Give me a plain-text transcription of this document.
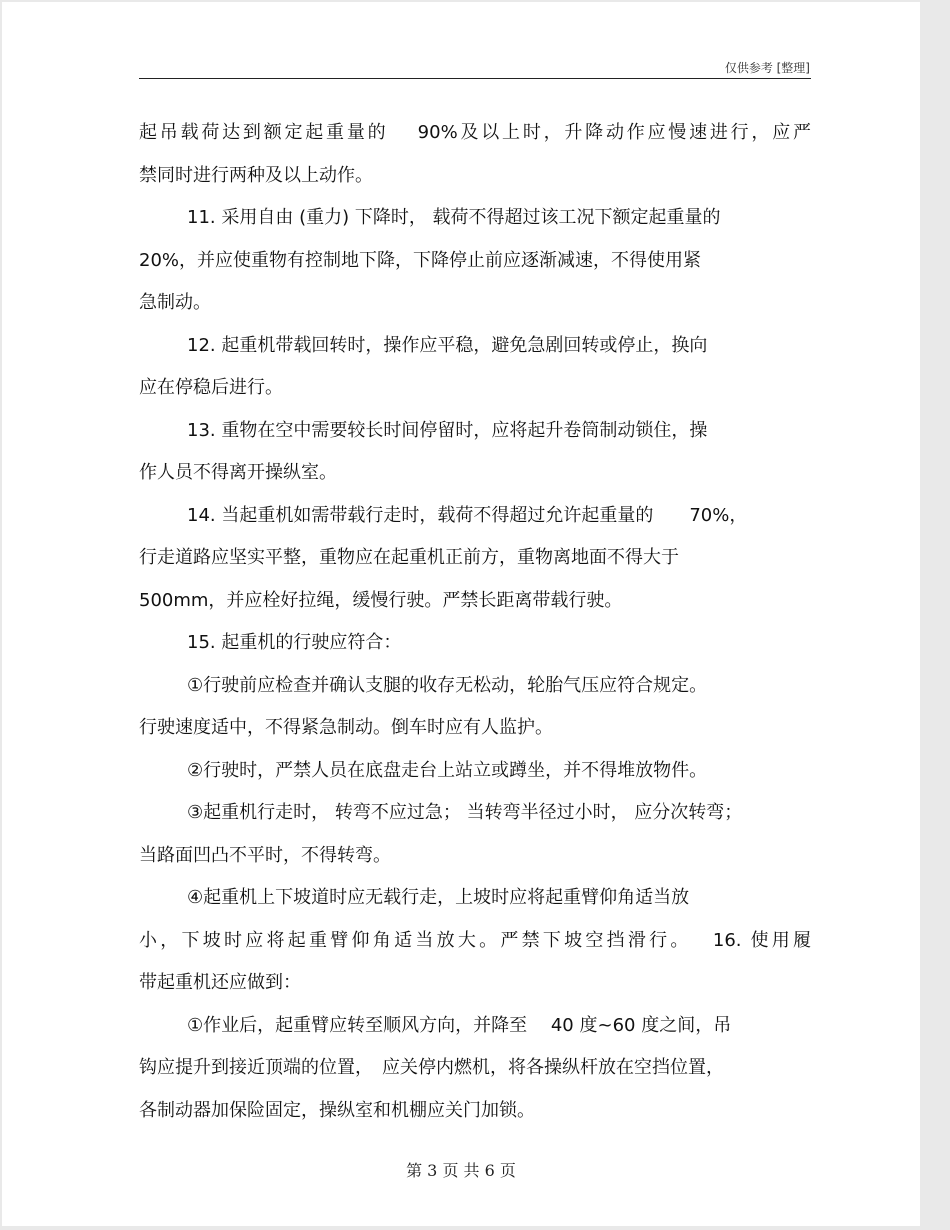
仅供参考 [整理]
起吊载荷达到额定起重量的　 90%及以上时，升降动作应慢速进行，应严
禁同时进行两种及以上动作。
11. 采用自由 (重力) 下降时， 载荷不得超过该工况下额定起重量的
20%，并应使重物有控制地下降，下降停止前应逐渐减速，不得使用紧
急制动。
12. 起重机带载回转时，操作应平稳，避免急剧回转或停止，换向
应在停稳后进行。
13. 重物在空中需要较长时间停留时，应将起升卷筒制动锁住，操
作人员不得离开操纵室。
14. 当起重机如需带载行走时，载荷不得超过允许起重量的　　70%，
行走道路应坚实平整，重物应在起重机正前方，重物离地面不得大于
500mm，并应栓好拉绳，缓慢行驶。严禁长距离带载行驶。
15. 起重机的行驶应符合：
①行驶前应检查并确认支腿的收存无松动，轮胎气压应符合规定。
行驶速度适中，不得紧急制动。倒车时应有人监护。
②行驶时，严禁人员在底盘走台上站立或蹲坐，并不得堆放物件。
③起重机行走时， 转弯不应过急； 当转弯半径过小时， 应分次转弯；
当路面凹凸不平时，不得转弯。
④起重机上下坡道时应无载行走，上坡时应将起重臂仰角适当放
小，下坡时应将起重臂仰角适当放大。严禁下坡空挡滑行。　 16. 使用履
带起重机还应做到：
①作业后，起重臂应转至顺风方向，并降至　 40 度~60 度之间，吊
钩应提升到接近顶端的位置，　应关停内燃机，将各操纵杆放在空挡位置，
各制动器加保险固定，操纵室和机棚应关门加锁。
第 3 页 共 6 页
